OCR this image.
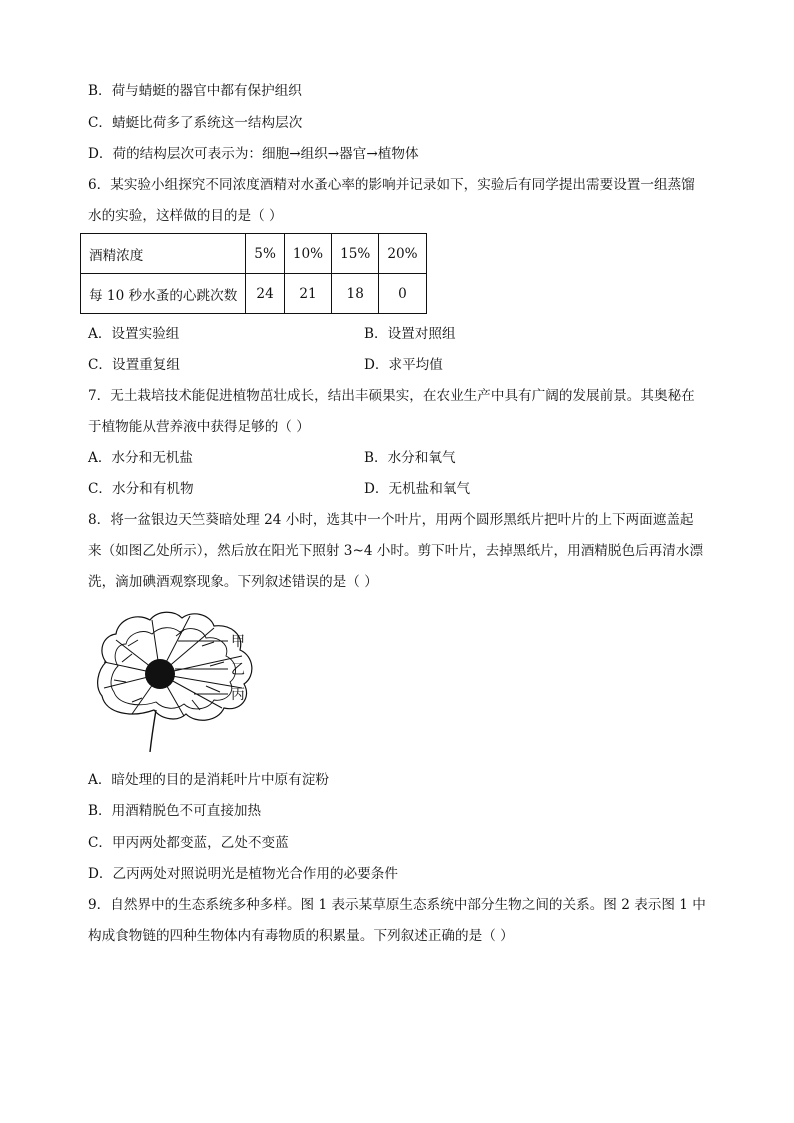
B．荷与蜻蜓的器官中都有保护组织
C．蜻蜓比荷多了系统这一结构层次
D．荷的结构层次可表示为：细胞→组织→器官→植物体
6．某实验小组探究不同浓度酒精对水蚤心率的影响并记录如下，实验后有同学提出需要设置一组蒸馏
水的实验，这样做的目的是（ ）
酒精浓度	5%	10%	15%	20%
每 10 秒水蚤的心跳次数	24	21	18	0
A．设置实验组	B．设置对照组
C．设置重复组	D．求平均值
7．无土栽培技术能促进植物茁壮成长，结出丰硕果实，在农业生产中具有广阔的发展前景。其奥秘在
于植物能从营养液中获得足够的（ ）
A．水分和无机盐	B．水分和氧气
C．水分和有机物	D．无机盐和氧气
8．将一盆银边天竺葵暗处理 24 小时，选其中一个叶片，用两个圆形黑纸片把叶片的上下两面遮盖起
来（如图乙处所示），然后放在阳光下照射 3~4 小时。剪下叶片，去掉黑纸片，用酒精脱色后再清水漂
洗，滴加碘酒观察现象。下列叙述错误的是（ ）
甲
乙
丙
A．暗处理的目的是消耗叶片中原有淀粉
B．用酒精脱色不可直接加热
C．甲丙两处都变蓝，乙处不变蓝
D．乙丙两处对照说明光是植物光合作用的必要条件
9．自然界中的生态系统多种多样。图 1 表示某草原生态系统中部分生物之间的关系。图 2 表示图 1 中
构成食物链的四种生物体内有毒物质的积累量。下列叙述正确的是（ ）
